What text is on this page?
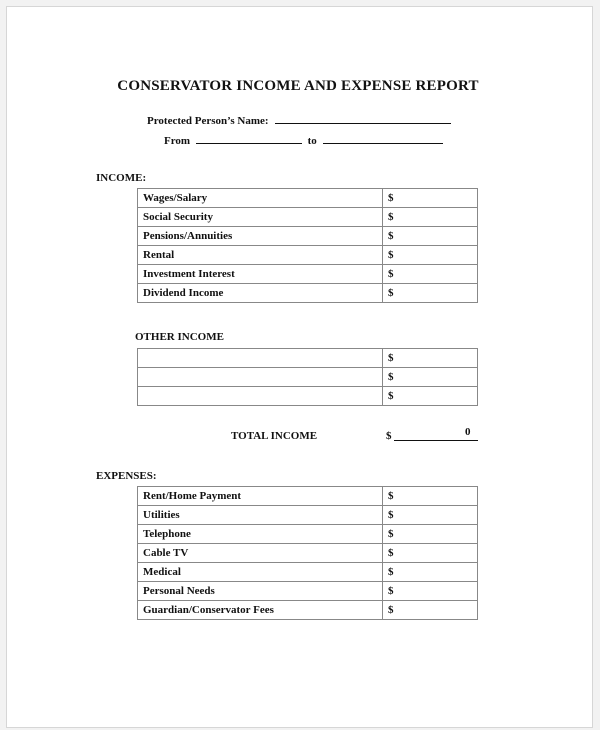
CONSERVATOR INCOME AND EXPENSE REPORT
Protected Person’s Name:
From	to
INCOME:
Wages/Salary	$
Social Security	$
Pensions/Annuities	$
Rental	$
Investment Interest	$
Dividend Income	$
OTHER INCOME
	$
	$
	$
TOTAL INCOME	$	0
EXPENSES:
Rent/Home Payment	$
Utilities	$
Telephone	$
Cable TV	$
Medical	$
Personal Needs	$
Guardian/Conservator Fees	$
